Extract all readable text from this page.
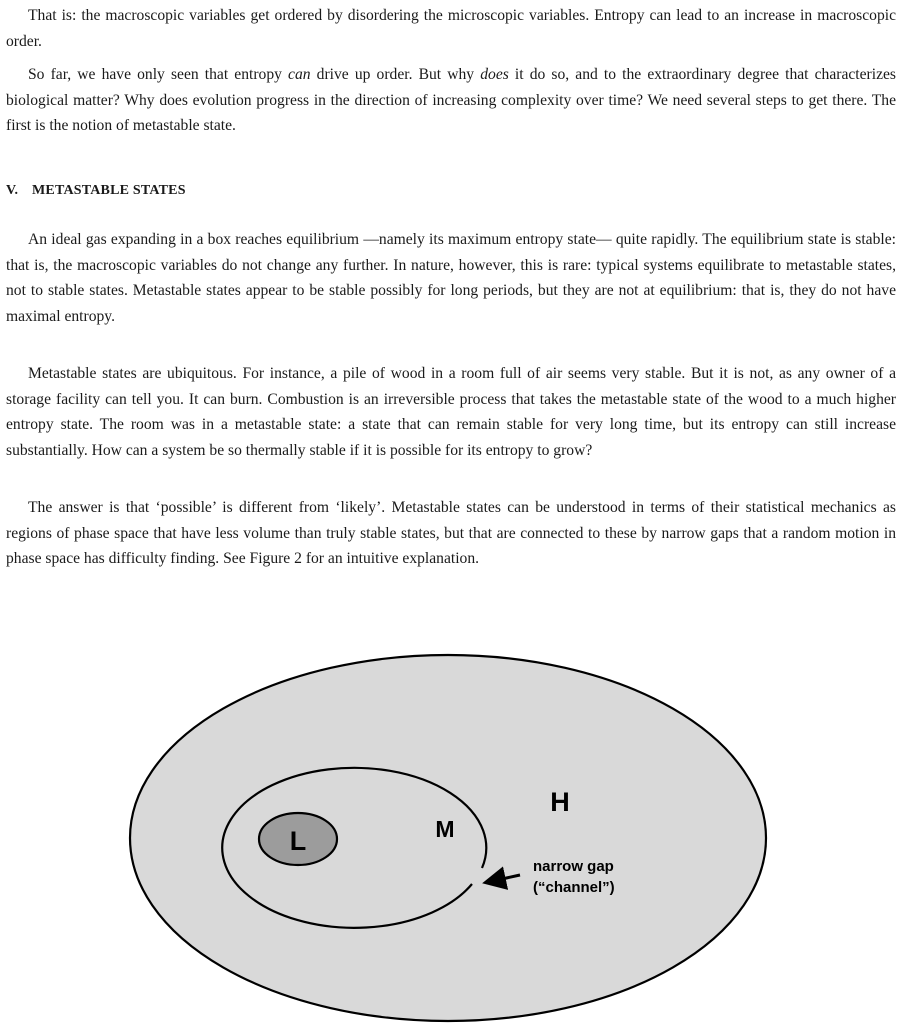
That is: the macroscopic variables get ordered by disordering the microscopic variables. Entropy can lead to an increase in macroscopic order.

So far, we have only seen that entropy can drive up order. But why does it do so, and to the extraordinary degree that characterizes biological matter? Why does evolution progress in the direction of increasing complexity over time? We need several steps to get there. The first is the notion of metastable state.

V. METASTABLE STATES

An ideal gas expanding in a box reaches equilibrium —namely its maximum entropy state— quite rapidly. The equilibrium state is stable: that is, the macroscopic variables do not change any further. In nature, however, this is rare: typical systems equilibrate to metastable states, not to stable states. Metastable states appear to be stable possibly for long periods, but they are not at equilibrium: that is, they do not have maximal entropy.

Metastable states are ubiquitous. For instance, a pile of wood in a room full of air seems very stable. But it is not, as any owner of a storage facility can tell you. It can burn. Combustion is an irreversible process that takes the metastable state of the wood to a much higher entropy state. The room was in a metastable state: a state that can remain stable for very long time, but its entropy can still increase substantially. How can a system be so thermally stable if it is possible for its entropy to grow?

The answer is that ‘possible’ is different from ‘likely’. Metastable states can be understood in terms of their statistical mechanics as regions of phase space that have less volume than truly stable states, but that are connected to these by narrow gaps that a random motion in phase space has difficulty finding. See Figure 2 for an intuitive explanation.

L	M
H
narrow gap
(“channel”)
